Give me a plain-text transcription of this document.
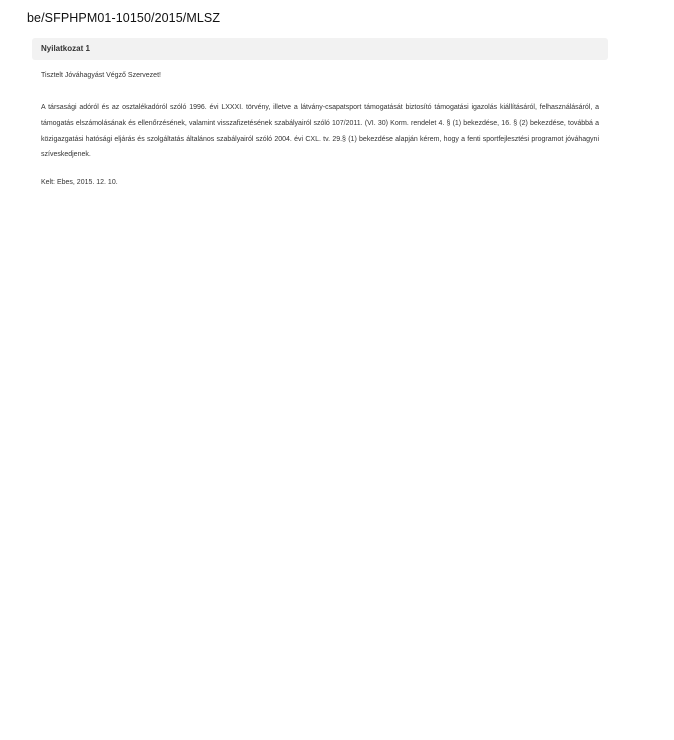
be/SFPHPM01-10150/2015/MLSZ
Nyilatkozat 1
Tisztelt Jóváhagyást Végző Szervezet!
A társasági adóról és az osztalékadóról szóló 1996. évi LXXXI. törvény, illetve a látvány-csapatsport támogatását biztosító támogatási igazolás kiállításáról, felhasználásáról, a támogatás elszámolásának és ellenőrzésének, valamint visszafizetésének szabályairól szóló 107/2011. (VI. 30) Korm. rendelet 4. § (1) bekezdése, 16. § (2) bekezdése, továbbá a közigazgatási hatósági eljárás és szolgáltatás általános szabályairól szóló 2004. évi CXL. tv. 29.§ (1) bekezdése alapján kérem, hogy a fenti sportfejlesztési programot jóváhagyni szíveskedjenek.
Kelt: Ebes, 2015. 12. 10.
